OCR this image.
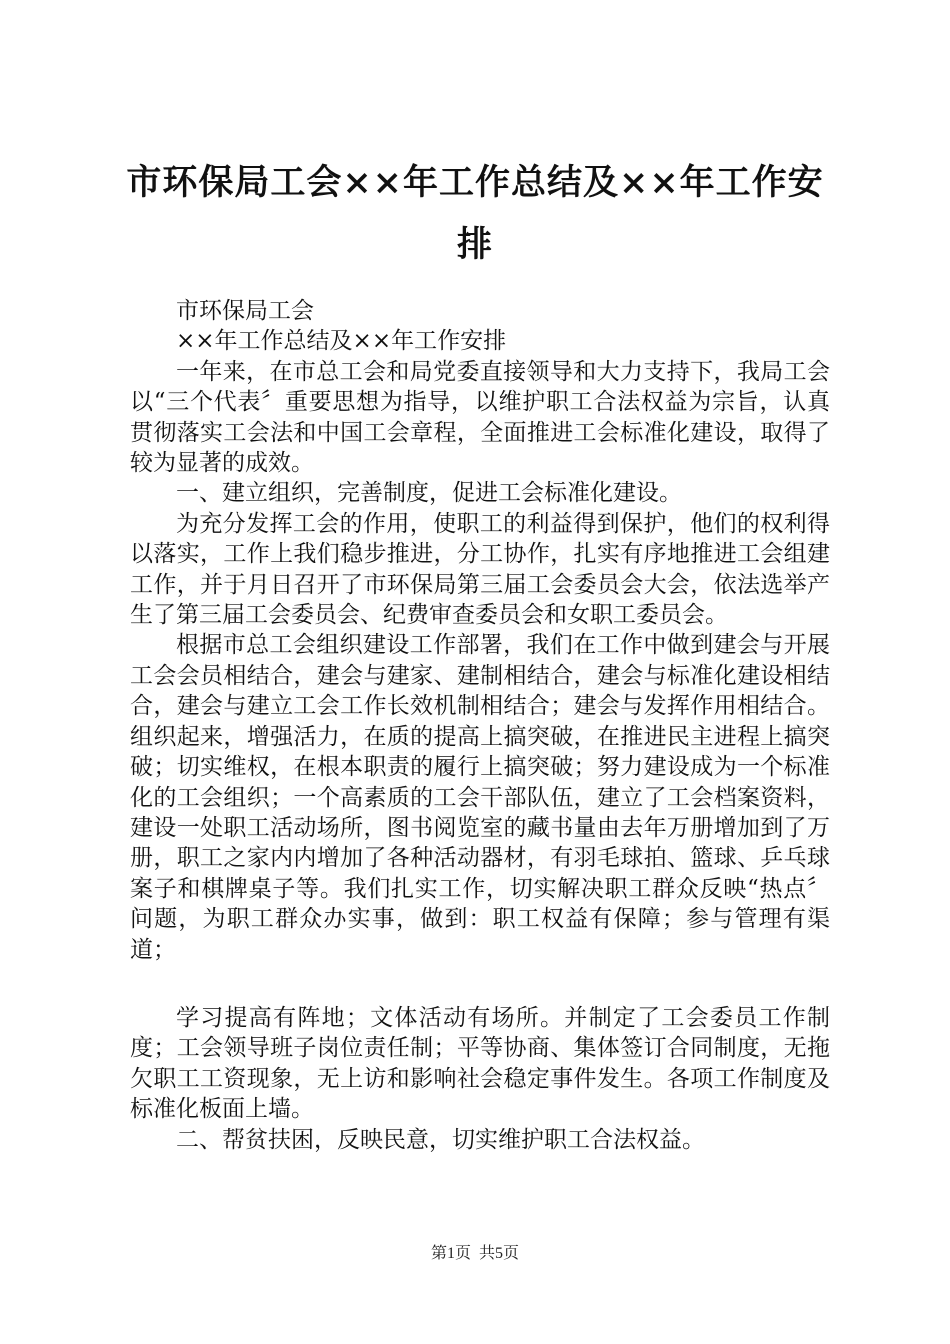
市环保局工会××年工作总结及××年工作安排

市环保局工会

××年工作总结及××年工作安排

一年来，在市总工会和局党委直接领导和大力支持下，我局工会以“三个代表〞重要思想为指导，以维护职工合法权益为宗旨，认真贯彻落实工会法和中国工会章程，全面推进工会标准化建设，取得了较为显著的成效。

一、建立组织，完善制度，促进工会标准化建设。

为充分发挥工会的作用，使职工的利益得到保护，他们的权利得以落实，工作上我们稳步推进，分工协作，扎实有序地推进工会组建工作，并于月日召开了市环保局第三届工会委员会大会，依法选举产生了第三届工会委员会、纪费审查委员会和女职工委员会。

根据市总工会组织建设工作部署，我们在工作中做到建会与开展工会会员相结合，建会与建家、建制相结合，建会与标准化建设相结合，建会与建立工会工作长效机制相结合；建会与发挥作用相结合。组织起来，增强活力，在质的提高上搞突破，在推进民主进程上搞突破；切实维权，在根本职责的履行上搞突破；努力建设成为一个标准化的工会组织；一个高素质的工会干部队伍，建立了工会档案资料，建设一处职工活动场所，图书阅览室的藏书量由去年万册增加到了万册，职工之家内内增加了各种活动器材，有羽毛球拍、篮球、乒乓球案子和棋牌桌子等。我们扎实工作，切实解决职工群众反映“热点〞问题，为职工群众办实事，做到：职工权益有保障；参与管理有渠道；

学习提高有阵地；文体活动有场所。并制定了工会委员工作制度；工会领导班子岗位责任制；平等协商、集体签订合同制度，无拖欠职工工资现象，无上访和影响社会稳定事件发生。各项工作制度及标准化板面上墙。

二、帮贫扶困，反映民意，切实维护职工合法权益。

第1页  共5页
